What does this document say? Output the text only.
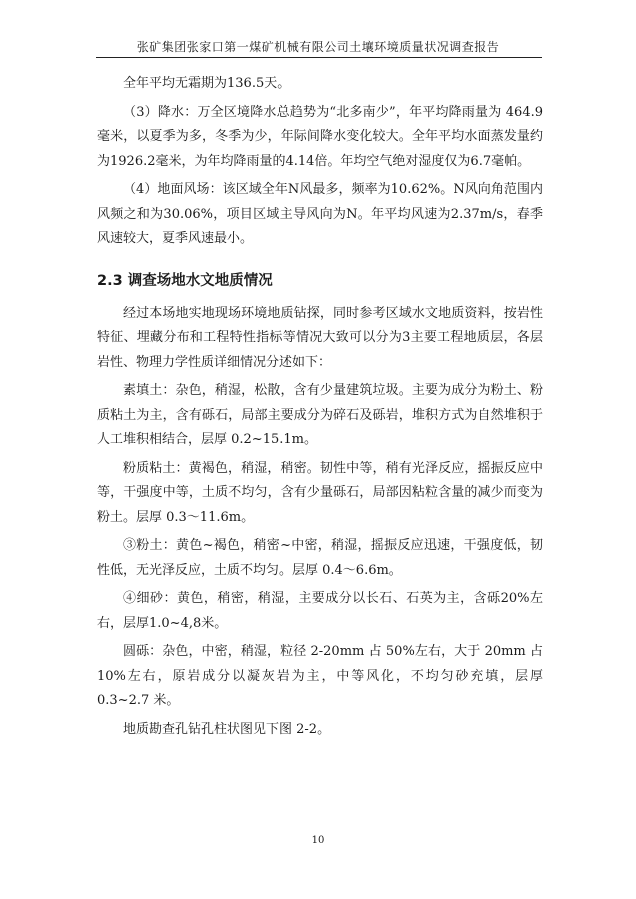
张矿集团张家口第一煤矿机械有限公司土壤环境质量状况调查报告

全年平均无霜期为136.5天。

（3）降水：万全区境降水总趋势为“北多南少”，年平均降雨量为 464.9 毫米，以夏季为多，冬季为少，年际间降水变化较大。全年平均水面蒸发量约为1926.2毫米，为年均降雨量的4.14倍。年均空气绝对湿度仅为6.7毫帕。

（4）地面风场：该区域全年N风最多，频率为10.62%。N风向角范围内风频之和为30.06%，项目区域主导风向为N。年平均风速为2.37m/s，春季风速较大，夏季风速最小。

2.3 调查场地水文地质情况

经过本场地实地现场环境地质钻探，同时参考区域水文地质资料，按岩性特征、埋藏分布和工程特性指标等情况大致可以分为3主要工程地质层，各层岩性、物理力学性质详细情况分述如下：

素填土：杂色，稍湿，松散，含有少量建筑垃圾。主要为成分为粉土、粉质粘土为主，含有砾石，局部主要成分为碎石及砾岩，堆积方式为自然堆积于人工堆积相结合，层厚 0.2~15.1m。

粉质粘土：黄褐色，稍湿，稍密。韧性中等，稍有光泽反应，摇振反应中等，干强度中等，土质不均匀，含有少量砾石，局部因粘粒含量的减少而变为粉土。层厚 0.3～11.6m。

③粉土：黄色~褐色，稍密~中密，稍湿，摇振反应迅速，干强度低，韧性低，无光泽反应，土质不均匀。层厚 0.4～6.6m。

④细砂：黄色，稍密，稍湿，主要成分以长石、石英为主，含砾20%左右，层厚1.0~4,8米。

圆砾：杂色，中密，稍湿，粒径 2-20mm 占 50%左右，大于 20mm 占 10%左右，原岩成分以凝灰岩为主，中等风化，不均匀砂充填，层厚 0.3~2.7 米。

地质勘查孔钻孔柱状图见下图 2-2。

10
